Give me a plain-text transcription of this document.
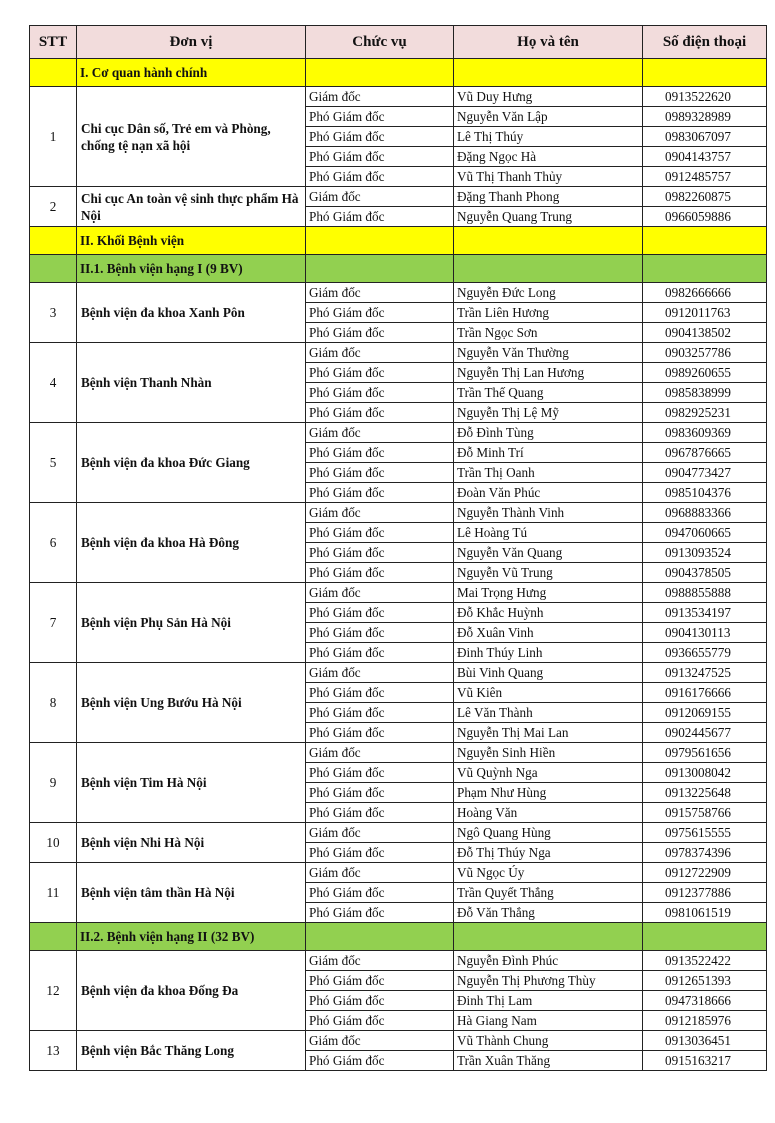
STT	Đơn vị	Chức vụ	Họ và tên	Số điện thoại
	I. Cơ quan hành chính			
1	Chi cục Dân số, Trẻ em và Phòng, chống tệ nạn xã hội	Giám đốc	Vũ Duy Hưng	0913522620
		Phó Giám đốc	Nguyễn Văn Lập	0989328989
		Phó Giám đốc	Lê Thị Thúy	0983067097
		Phó Giám đốc	Đặng Ngọc Hà	0904143757
		Phó Giám đốc	Vũ Thị Thanh Thủy	0912485757
2	Chi cục An toàn vệ sinh thực phẩm Hà Nội	Giám đốc	Đặng Thanh Phong	0982260875
		Phó Giám đốc	Nguyễn Quang Trung	0966059886
	II. Khối Bệnh viện			
	II.1. Bệnh viện hạng I (9 BV)			
3	Bệnh viện đa khoa Xanh Pôn	Giám đốc	Nguyễn Đức Long	0982666666
		Phó Giám đốc	Trần Liên Hương	0912011763
		Phó Giám đốc	Trần Ngọc Sơn	0904138502
4	Bệnh viện Thanh Nhàn	Giám đốc	Nguyễn Văn Thường	0903257786
		Phó Giám đốc	Nguyễn Thị Lan Hương	0989260655
		Phó Giám đốc	Trần Thế Quang	0985838999
		Phó Giám đốc	Nguyễn Thị Lệ Mỹ	0982925231
5	Bệnh viện đa khoa Đức Giang	Giám đốc	Đỗ Đình Tùng	0983609369
		Phó Giám đốc	Đỗ Minh Trí	0967876665
		Phó Giám đốc	Trần Thị Oanh	0904773427
		Phó Giám đốc	Đoàn Văn Phúc	0985104376
6	Bệnh viện đa khoa Hà Đông	Giám đốc	Nguyễn Thành Vinh	0968883366
		Phó Giám đốc	Lê Hoàng Tú	0947060665
		Phó Giám đốc	Nguyễn Văn Quang	0913093524
		Phó Giám đốc	Nguyễn Vũ Trung	0904378505
7	Bệnh viện Phụ Sản Hà Nội	Giám đốc	Mai Trọng Hưng	0988855888
		Phó Giám đốc	Đỗ Khắc Huỳnh	0913534197
		Phó Giám đốc	Đỗ Xuân Vinh	0904130113
		Phó Giám đốc	Đinh Thúy Linh	0936655779
8	Bệnh viện Ung Bướu Hà Nội	Giám đốc	Bùi Vinh Quang	0913247525
		Phó Giám đốc	Vũ Kiên	0916176666
		Phó Giám đốc	Lê Văn Thành	0912069155
		Phó Giám đốc	Nguyễn Thị Mai Lan	0902445677
9	Bệnh viện Tim Hà Nội	Giám đốc	Nguyễn Sinh Hiền	0979561656
		Phó Giám đốc	Vũ Quỳnh Nga	0913008042
		Phó Giám đốc	Phạm Như Hùng	0913225648
		Phó Giám đốc	Hoàng Văn	0915758766
10	Bệnh viện Nhi Hà Nội	Giám đốc	Ngô Quang Hùng	0975615555
		Phó Giám đốc	Đỗ Thị Thúy Nga	0978374396
11	Bệnh viện tâm thần Hà Nội	Giám đốc	Vũ Ngọc Úy	0912722909
		Phó Giám đốc	Trần Quyết Thắng	0912377886
		Phó Giám đốc	Đỗ Văn Thắng	0981061519
	II.2. Bệnh viện hạng II (32 BV)			
12	Bệnh viện đa khoa Đống Đa	Giám đốc	Nguyễn Đình Phúc	0913522422
		Phó Giám đốc	Nguyễn Thị Phương Thùy	0912651393
		Phó Giám đốc	Đinh Thị Lam	0947318666
		Phó Giám đốc	Hà Giang Nam	0912185976
13	Bệnh viện Bắc Thăng Long	Giám đốc	Vũ Thành Chung	0913036451
		Phó Giám đốc	Trần Xuân Thăng	0915163217
